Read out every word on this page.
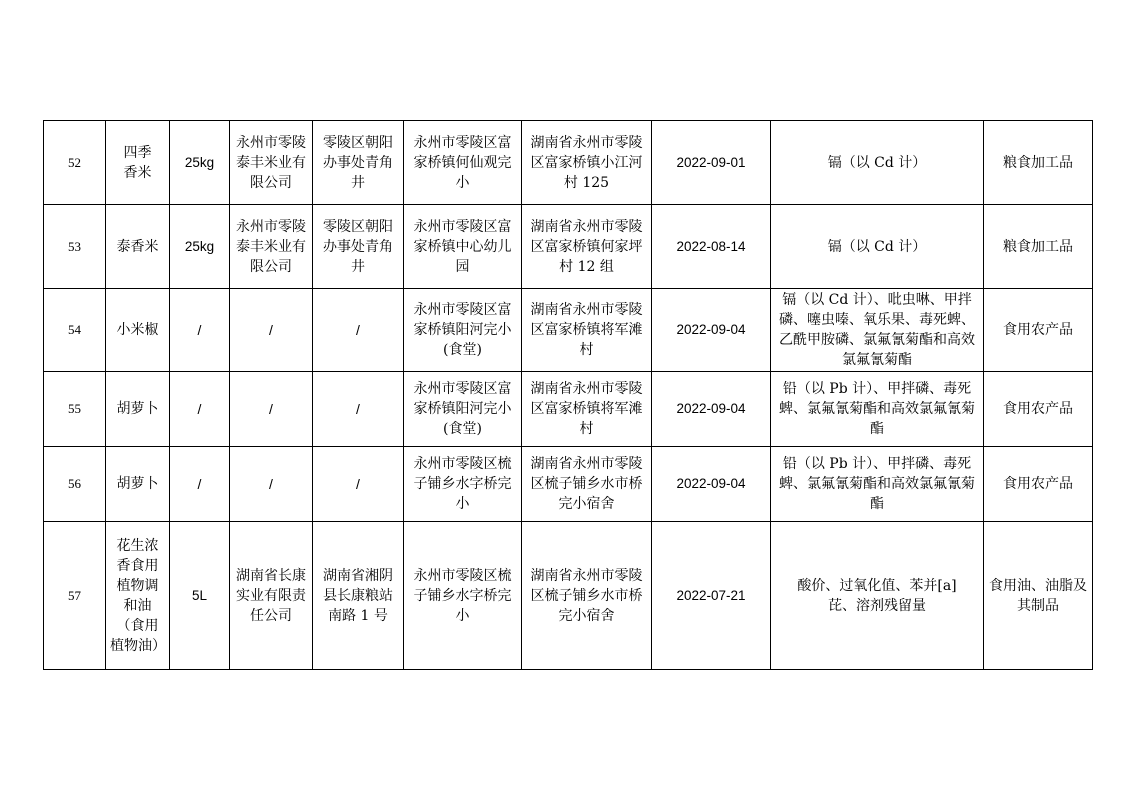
52	四季香米	25kg	永州市零陵泰丰米业有限公司	零陵区朝阳办事处青角井	永州市零陵区富家桥镇何仙观完小	湖南省永州市零陵区富家桥镇小江河村 125	2022-09-01	镉（以 Cd 计）	粮食加工品
53	泰香米	25kg	永州市零陵泰丰米业有限公司	零陵区朝阳办事处青角井	永州市零陵区富家桥镇中心幼儿园	湖南省永州市零陵区富家桥镇何家坪村 12 组	2022-08-14	镉（以 Cd 计）	粮食加工品
54	小米椒	/	/	/	永州市零陵区富家桥镇阳河完小(食堂)	湖南省永州市零陵区富家桥镇将军滩村	2022-09-04	镉（以 Cd 计）、吡虫啉、甲拌磷、噻虫嗪、氧乐果、毒死蜱、乙酰甲胺磷、氯氟氰菊酯和高效氯氟氰菊酯	食用农产品
55	胡萝卜	/	/	/	永州市零陵区富家桥镇阳河完小(食堂)	湖南省永州市零陵区富家桥镇将军滩村	2022-09-04	铅（以 Pb 计）、甲拌磷、毒死蜱、氯氟氰菊酯和高效氯氟氰菊酯	食用农产品
56	胡萝卜	/	/	/	永州市零陵区梳子铺乡水字桥完小	湖南省永州市零陵区梳子铺乡水市桥完小宿舍	2022-09-04	铅（以 Pb 计）、甲拌磷、毒死蜱、氯氟氰菊酯和高效氯氟氰菊酯	食用农产品
57	花生浓香食用植物调和油（食用植物油）	5L	湖南省长康实业有限责任公司	湖南省湘阴县长康粮站南路 1 号	永州市零陵区梳子铺乡水字桥完小	湖南省永州市零陵区梳子铺乡水市桥完小宿舍	2022-07-21	酸价、过氧化值、苯并[a]芘、溶剂残留量	食用油、油脂及其制品
